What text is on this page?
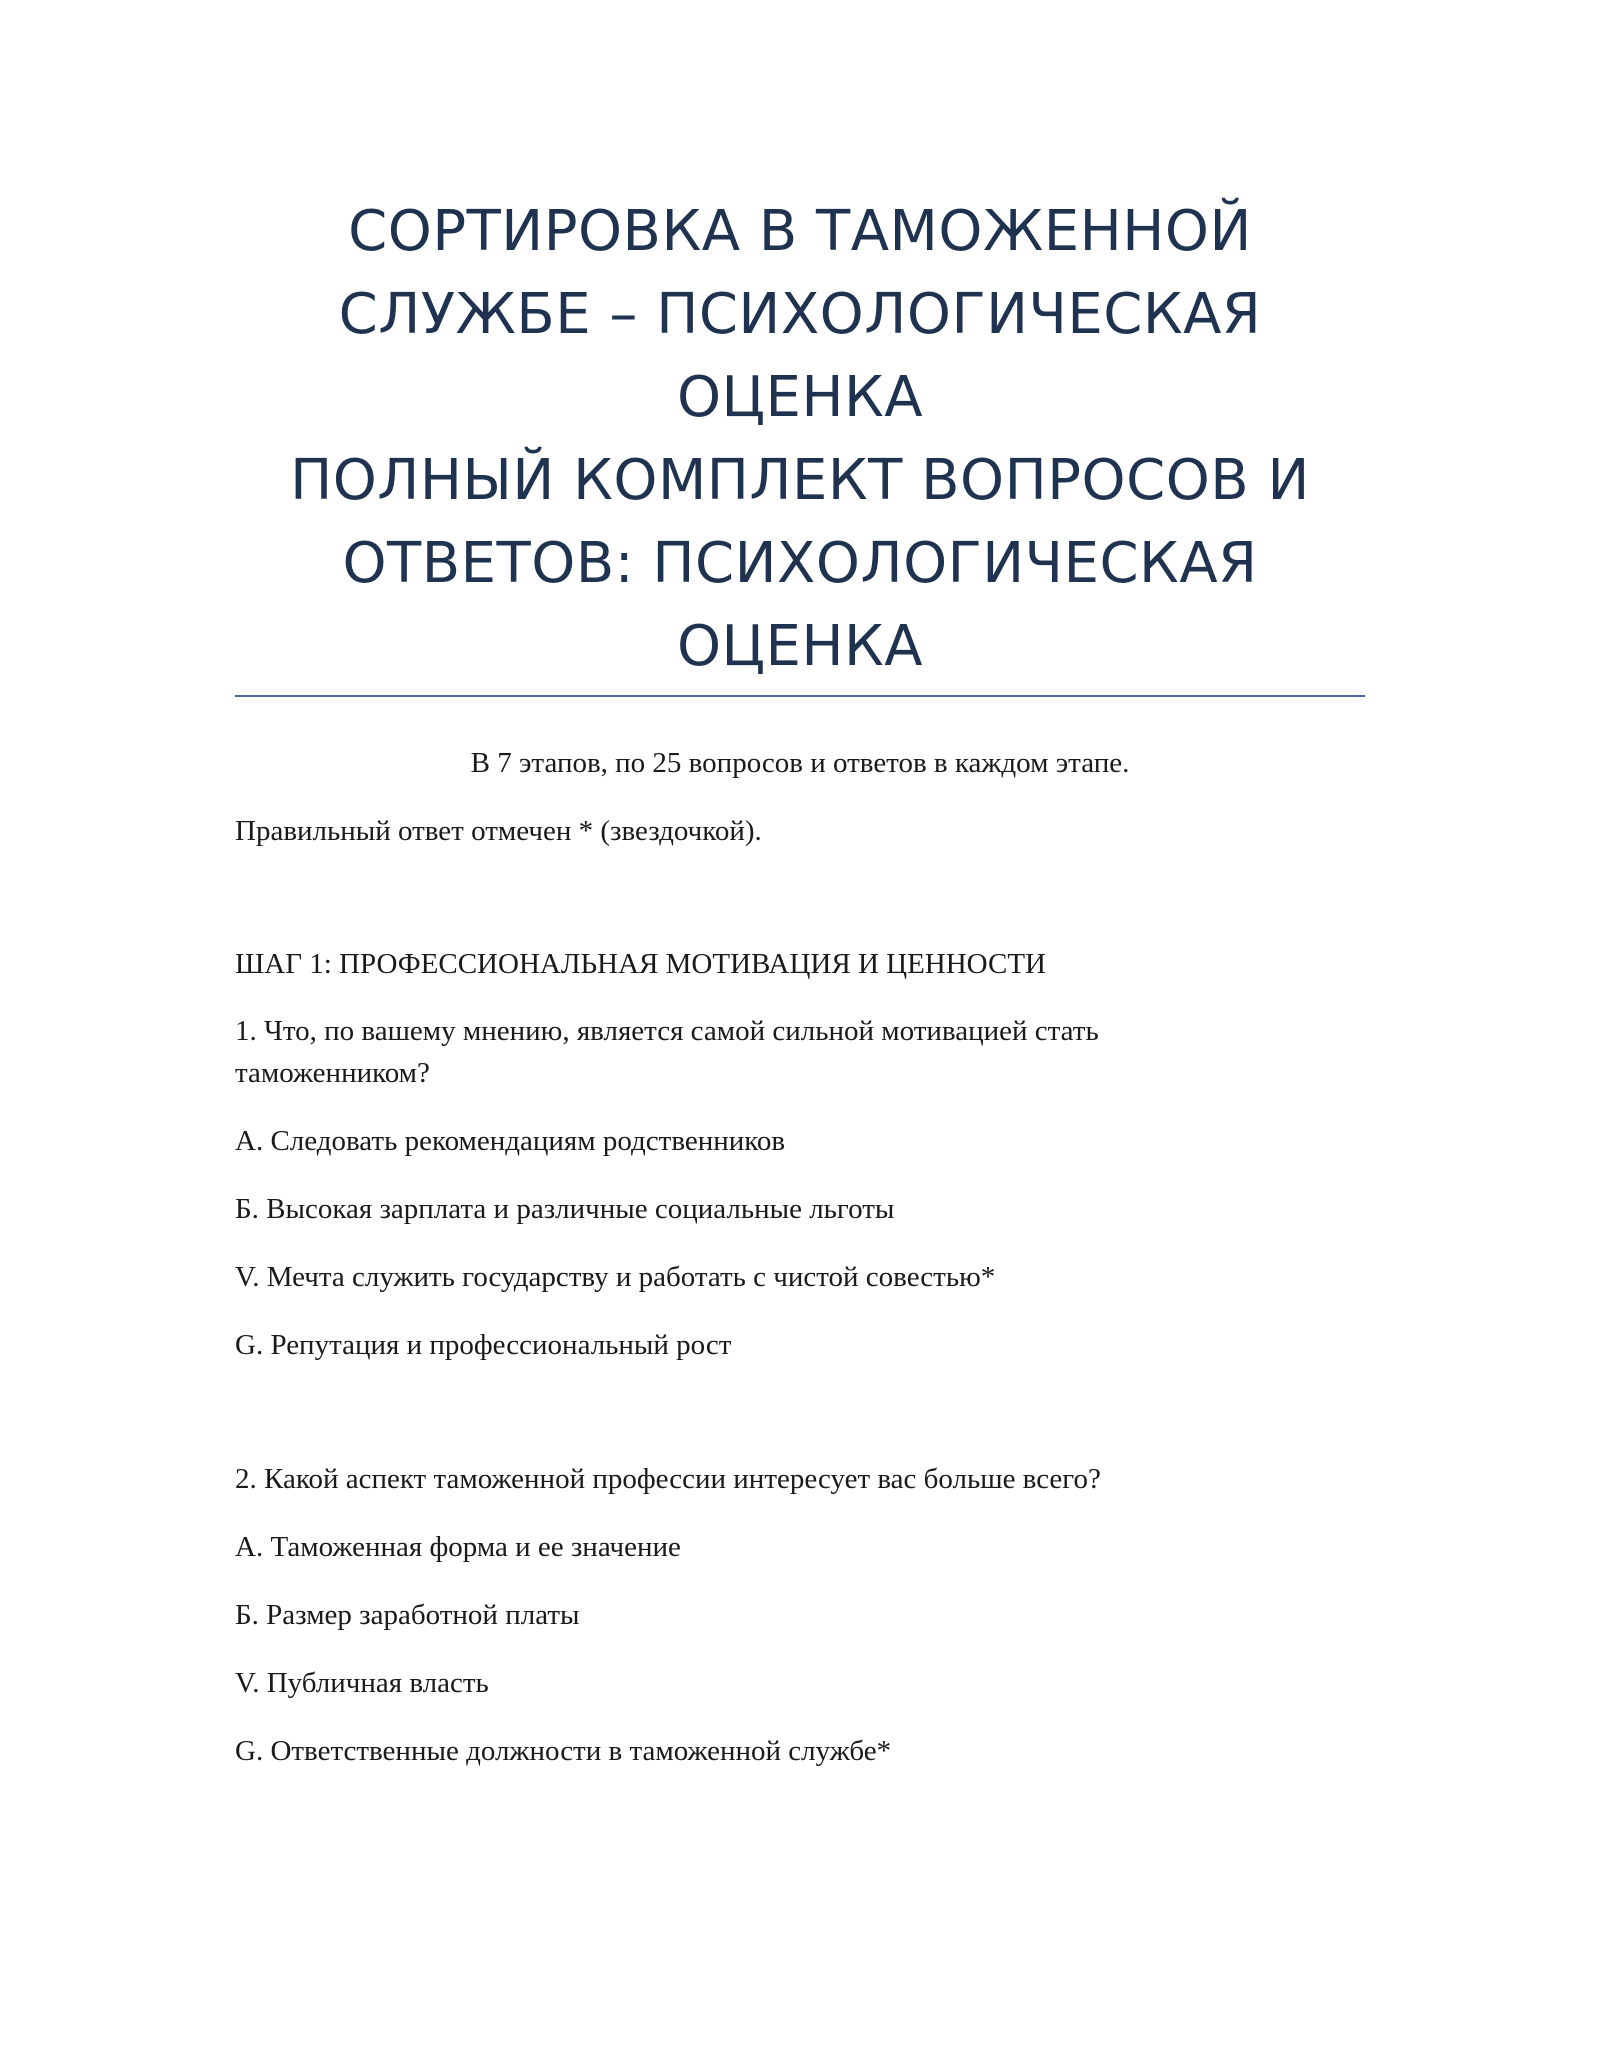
СОРТИРОВКА В ТАМОЖЕННОЙ
СЛУЖБЕ – ПСИХОЛОГИЧЕСКАЯ
ОЦЕНКА
ПОЛНЫЙ КОМПЛЕКТ ВОПРОСОВ И
ОТВЕТОВ: ПСИХОЛОГИЧЕСКАЯ
ОЦЕНКА
В 7 этапов, по 25 вопросов и ответов в каждом этапе.
Правильный ответ отмечен * (звездочкой).
ШАГ 1: ПРОФЕССИОНАЛЬНАЯ МОТИВАЦИЯ И ЦЕННОСТИ
1. Что, по вашему мнению, является самой сильной мотивацией стать
таможенником?
А. Следовать рекомендациям родственников
Б. Высокая зарплата и различные социальные льготы
V. Мечта служить государству и работать с чистой совестью*
G. Репутация и профессиональный рост
2. Какой аспект таможенной профессии интересует вас больше всего?
А. Таможенная форма и ее значение
Б. Размер заработной платы
V. Публичная власть
G. Ответственные должности в таможенной службе*
